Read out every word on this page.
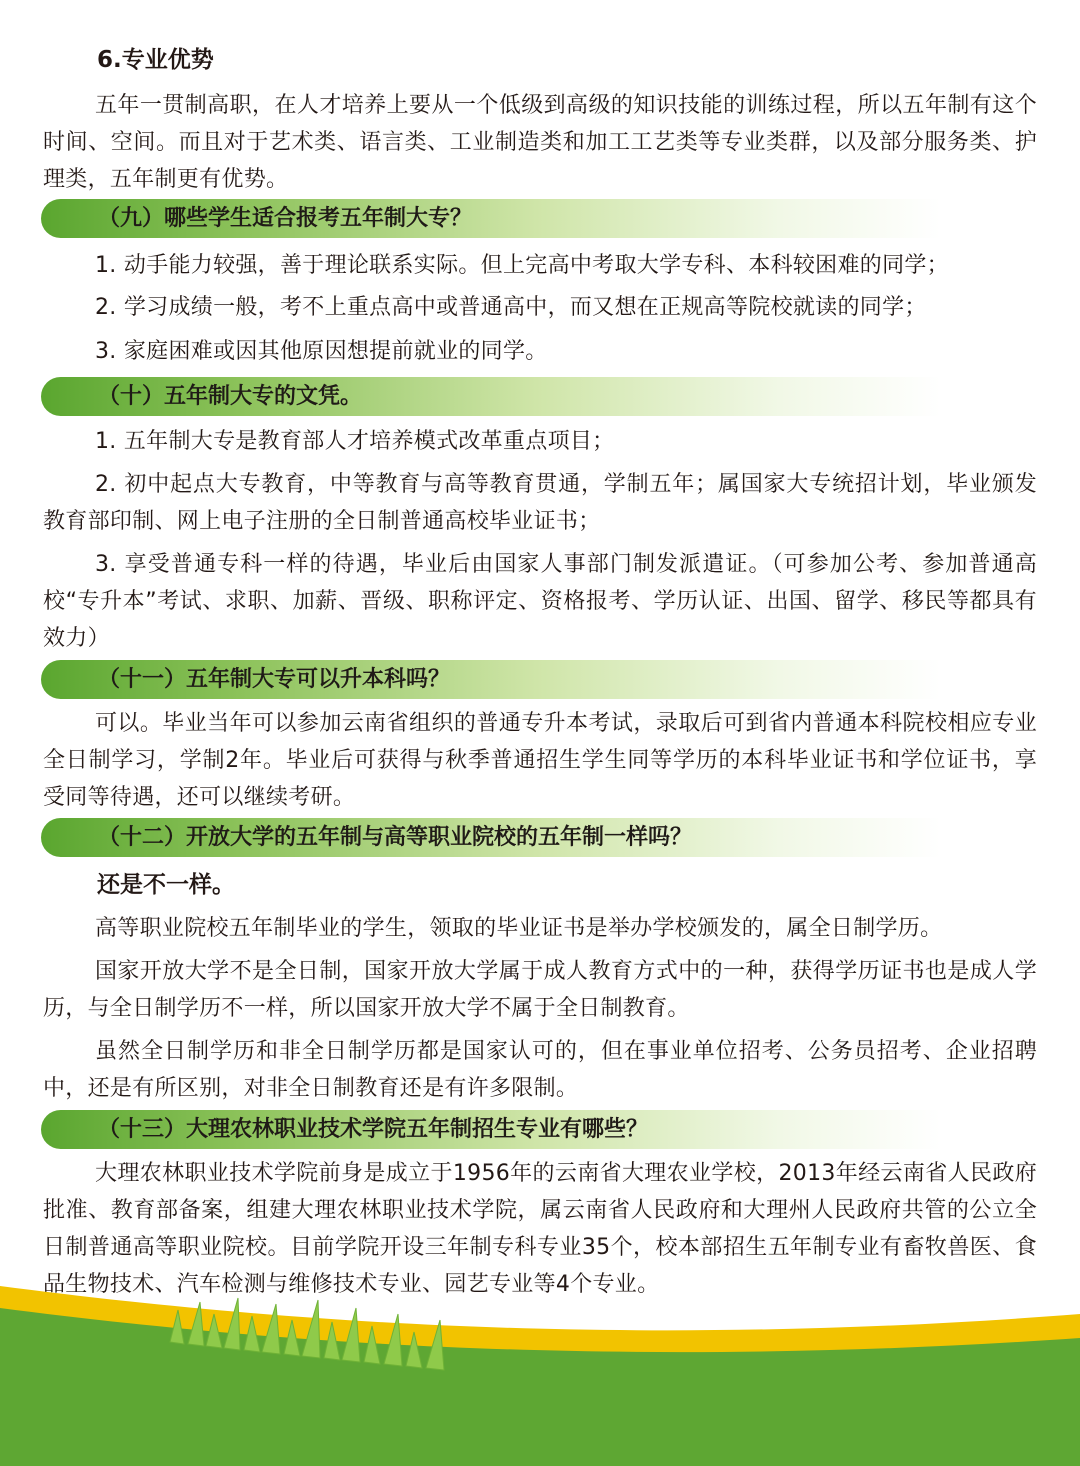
6.专业优势

五年一贯制高职，在人才培养上要从一个低级到高级的知识技能的训练过程，所以五年制有这个时间、空间。而且对于艺术类、语言类、工业制造类和加工工艺类等专业类群，以及部分服务类、护理类，五年制更有优势。

（九）哪些学生适合报考五年制大专？

1. 动手能力较强，善于理论联系实际。但上完高中考取大学专科、本科较困难的同学；

2. 学习成绩一般，考不上重点高中或普通高中，而又想在正规高等院校就读的同学；

3. 家庭困难或因其他原因想提前就业的同学。

（十）五年制大专的文凭。

1. 五年制大专是教育部人才培养模式改革重点项目；

2. 初中起点大专教育，中等教育与高等教育贯通，学制五年；属国家大专统招计划，毕业颁发教育部印制、网上电子注册的全日制普通高校毕业证书；

3. 享受普通专科一样的待遇，毕业后由国家人事部门制发派遣证。（可参加公考、参加普通高校“专升本”考试、求职、加薪、晋级、职称评定、资格报考、学历认证、出国、留学、移民等都具有效力）

（十一）五年制大专可以升本科吗？

可以。毕业当年可以参加云南省组织的普通专升本考试，录取后可到省内普通本科院校相应专业全日制学习，学制2年。毕业后可获得与秋季普通招生学生同等学历的本科毕业证书和学位证书，享受同等待遇，还可以继续考研。

（十二）开放大学的五年制与高等职业院校的五年制一样吗？
还是不一样。

高等职业院校五年制毕业的学生，领取的毕业证书是举办学校颁发的，属全日制学历。

国家开放大学不是全日制，国家开放大学属于成人教育方式中的一种，获得学历证书也是成人学历，与全日制学历不一样，所以国家开放大学不属于全日制教育。

虽然全日制学历和非全日制学历都是国家认可的，但在事业单位招考、公务员招考、企业招聘中，还是有所区别，对非全日制教育还是有许多限制。

（十三）大理农林职业技术学院五年制招生专业有哪些？

大理农林职业技术学院前身是成立于1956年的云南省大理农业学校，2013年经云南省人民政府批准、教育部备案，组建大理农林职业技术学院，属云南省人民政府和大理州人民政府共管的公立全日制普通高等职业院校。目前学院开设三年制专科专业35个，校本部招生五年制专业有畜牧兽医、食品生物技术、汽车检测与维修技术专业、园艺专业等4个专业。
